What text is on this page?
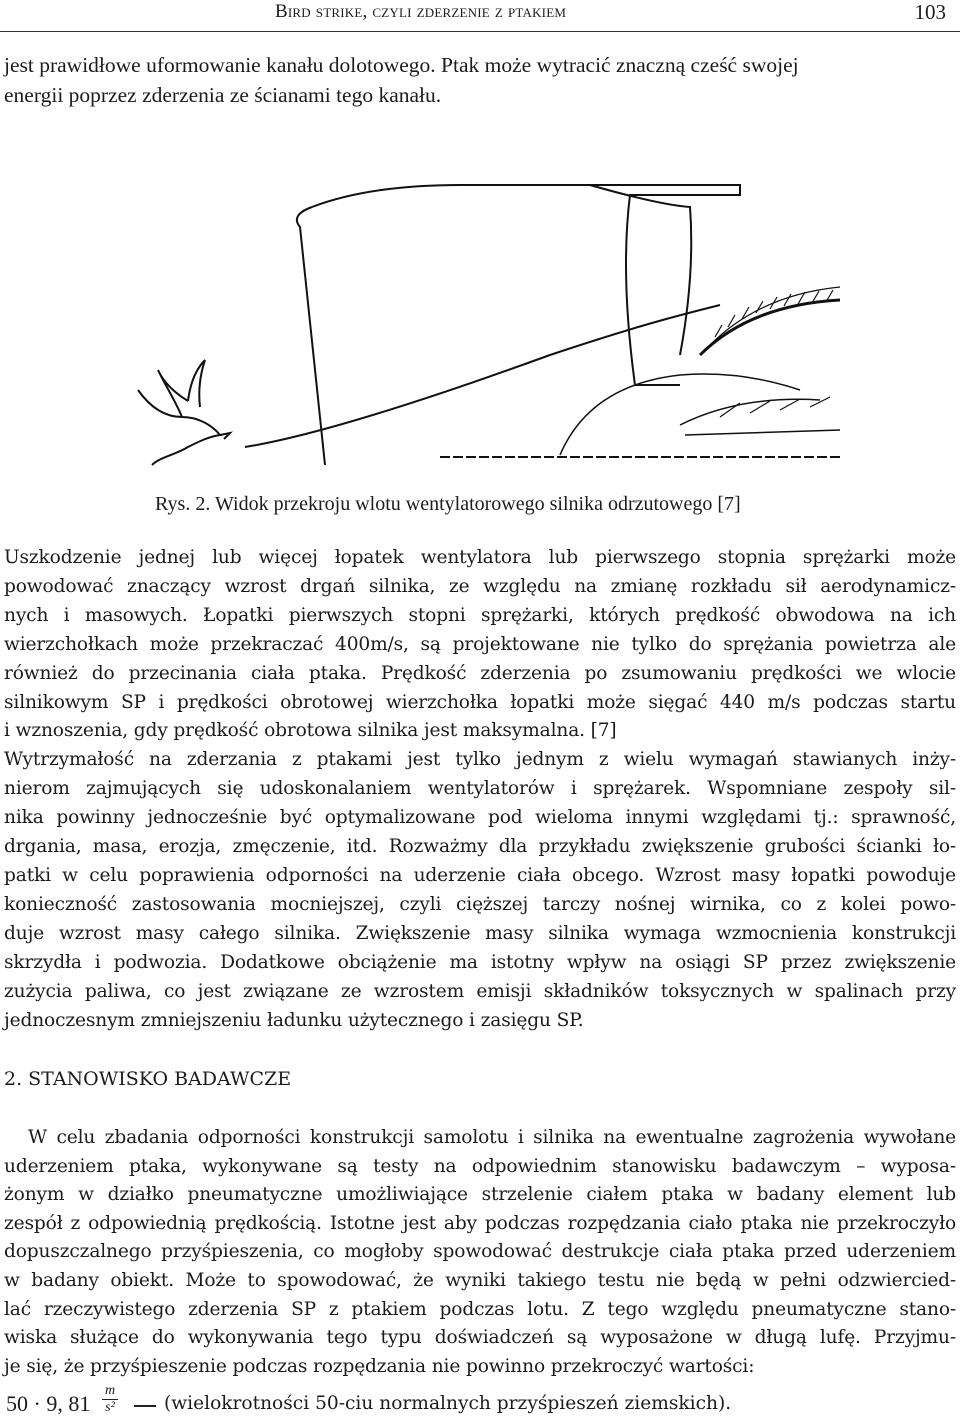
Bird strike, czyli zderzenie z ptakiem	103
jest prawidłowe uformowanie kanału dolotowego. Ptak może wytracić znaczną cześć swojej
energii poprzez zderzenia ze ścianami tego kanału.
Rys. 2. Widok przekroju wlotu wentylatorowego silnika odrzutowego [7]
Uszkodzenie jednej lub więcej łopatek wentylatora lub pierwszego stopnia sprężarki może
powodować znaczący wzrost drgań silnika, ze względu na zmianę rozkładu sił aerodynamicz-
nych i masowych. Łopatki pierwszych stopni sprężarki, których prędkość obwodowa na ich
wierzchołkach może przekraczać 400m/s, są projektowane nie tylko do sprężania powietrza ale
również do przecinania ciała ptaka. Prędkość zderzenia po zsumowaniu prędkości we wlocie
silnikowym SP i prędkości obrotowej wierzchołka łopatki może sięgać 440 m/s podczas startu
i wznoszenia, gdy prędkość obrotowa silnika jest maksymalna. [7]
Wytrzymałość na zderzania z ptakami jest tylko jednym z wielu wymagań stawianych inży-
nierom zajmujących się udoskonalaniem wentylatorów i sprężarek. Wspomniane zespoły sil-
nika powinny jednocześnie być optymalizowane pod wieloma innymi względami tj.: sprawność,
drgania, masa, erozja, zmęczenie, itd. Rozważmy dla przykładu zwiększenie grubości ścianki ło-
patki w celu poprawienia odporności na uderzenie ciała obcego. Wzrost masy łopatki powoduje
konieczność zastosowania mocniejszej, czyli cięższej tarczy nośnej wirnika, co z kolei powo-
duje wzrost masy całego silnika. Zwiększenie masy silnika wymaga wzmocnienia konstrukcji
skrzydła i podwozia. Dodatkowe obciążenie ma istotny wpływ na osiągi SP przez zwiększenie
zużycia paliwa, co jest związane ze wzrostem emisji składników toksycznych w spalinach przy
jednoczesnym zmniejszeniu ładunku użytecznego i zasięgu SP.
2. STANOWISKO BADAWCZE
W celu zbadania odporności konstrukcji samolotu i silnika na ewentualne zagrożenia wywołane
uderzeniem ptaka, wykonywane są testy na odpowiednim stanowisku badawczym – wyposa-
żonym w działko pneumatyczne umożliwiające strzelenie ciałem ptaka w badany element lub
zespół z odpowiednią prędkością. Istotne jest aby podczas rozpędzania ciało ptaka nie przekroczyło
dopuszczalnego przyśpieszenia, co mogłoby spowodować destrukcje ciała ptaka przed uderzeniem
w badany obiekt. Może to spowodować, że wyniki takiego testu nie będą w pełni odzwiercied-
lać rzeczywistego zderzenia SP z ptakiem podczas lotu. Z tego względu pneumatyczne stano-
wiska służące do wykonywania tego typu doświadczeń są wyposażone w długą lufę. Przyjmu-
je się, że przyśpieszenie podczas rozpędzania nie powinno przekroczyć wartości:
50 · 9, $81 \frac{m}{\text{s²}}$ (wielokrotności 50-ciu normalnych przyśpieszeń ziemskich).
